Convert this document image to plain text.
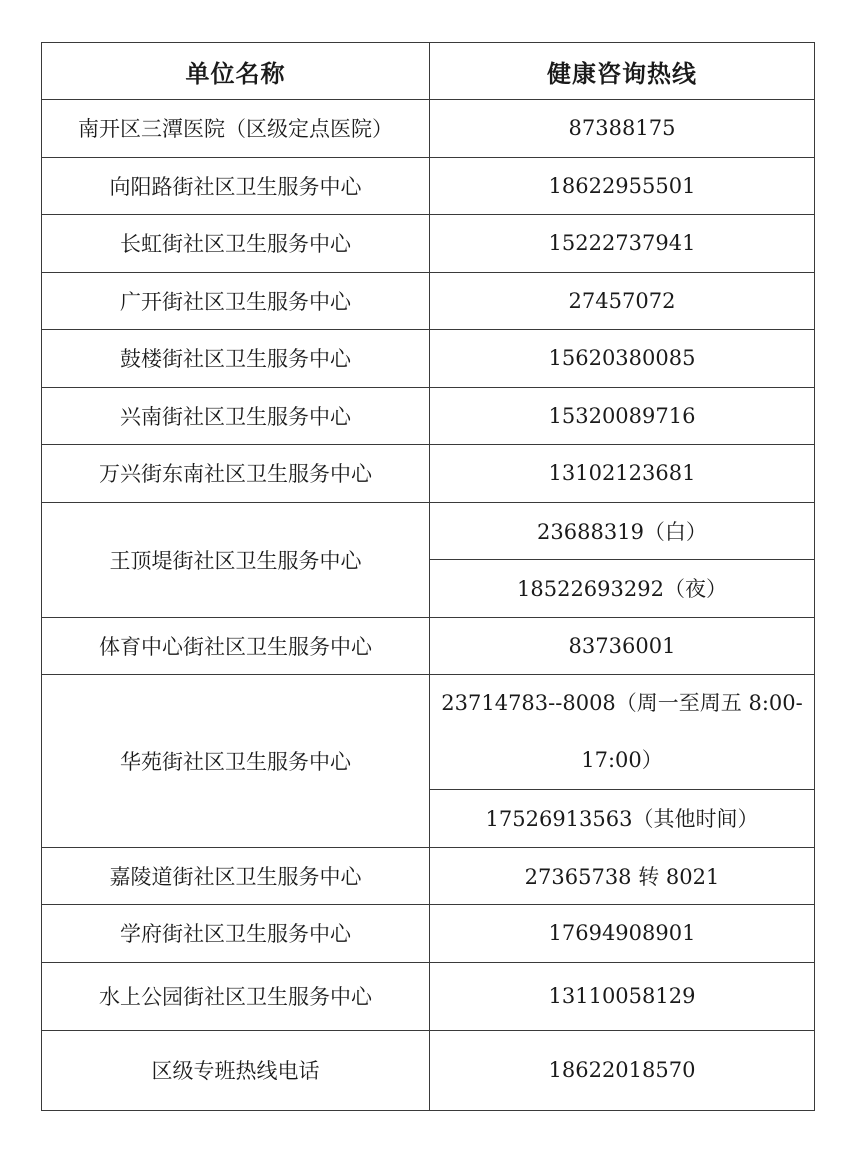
单位名称	健康咨询热线
南开区三潭医院（区级定点医院）	87388175
向阳路街社区卫生服务中心	18622955501
长虹街社区卫生服务中心	15222737941
广开街社区卫生服务中心	27457072
鼓楼街社区卫生服务中心	15620380085
兴南街社区卫生服务中心	15320089716
万兴街东南社区卫生服务中心	13102123681
王顶堤街社区卫生服务中心	23688319（白）
	18522693292（夜）
体育中心街社区卫生服务中心	83736001
华苑街社区卫生服务中心	23714783--8008（周一至周五 8:00-17:00）
	17526913563（其他时间）
嘉陵道街社区卫生服务中心	27365738 转 8021
学府街社区卫生服务中心	17694908901
水上公园街社区卫生服务中心	13110058129
区级专班热线电话	18622018570
